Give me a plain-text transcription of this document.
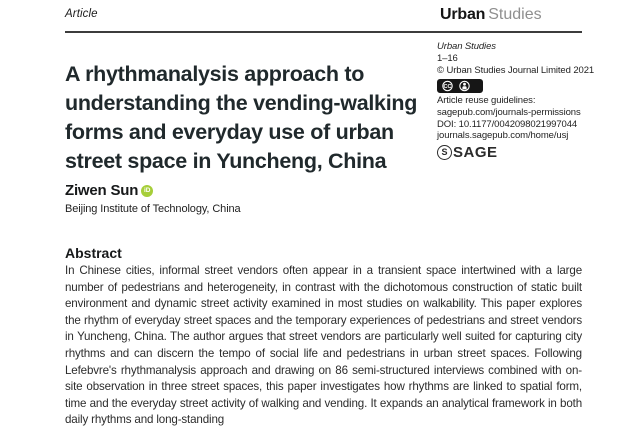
Article	Urban Studies
Urban Studies
1–16
© Urban Studies Journal Limited 2021
CC
Article reuse guidelines:
sagepub.com/journals-permissions
DOI: 10.1177/0042098021997044
journals.sagepub.com/home/usj
S SAGE
A rhythmanalysis approach to
understanding the vending-walking
forms and everyday use of urban
street space in Yuncheng, China
Ziwen Sun iD
Beijing Institute of Technology, China
Abstract
In Chinese cities, informal street vendors often appear in a transient space intertwined with a large number of pedestrians and heterogeneity, in contrast with the dichotomous construction of static built environment and dynamic street activity examined in most studies on walkability. This paper explores the rhythm of everyday street spaces and the temporary experiences of pedestrians and street vendors in Yuncheng, China. The author argues that street vendors are particularly well suited for capturing city rhythms and can discern the tempo of social life and pedestrians in urban street spaces. Following Lefebvre's rhythmanalysis approach and drawing on 86 semi-structured interviews combined with on-site observation in three street spaces, this paper investigates how rhythms are linked to spatial form, time and the everyday street activity of walking and vending. It expands an analytical framework in both daily rhythms and long-standing
